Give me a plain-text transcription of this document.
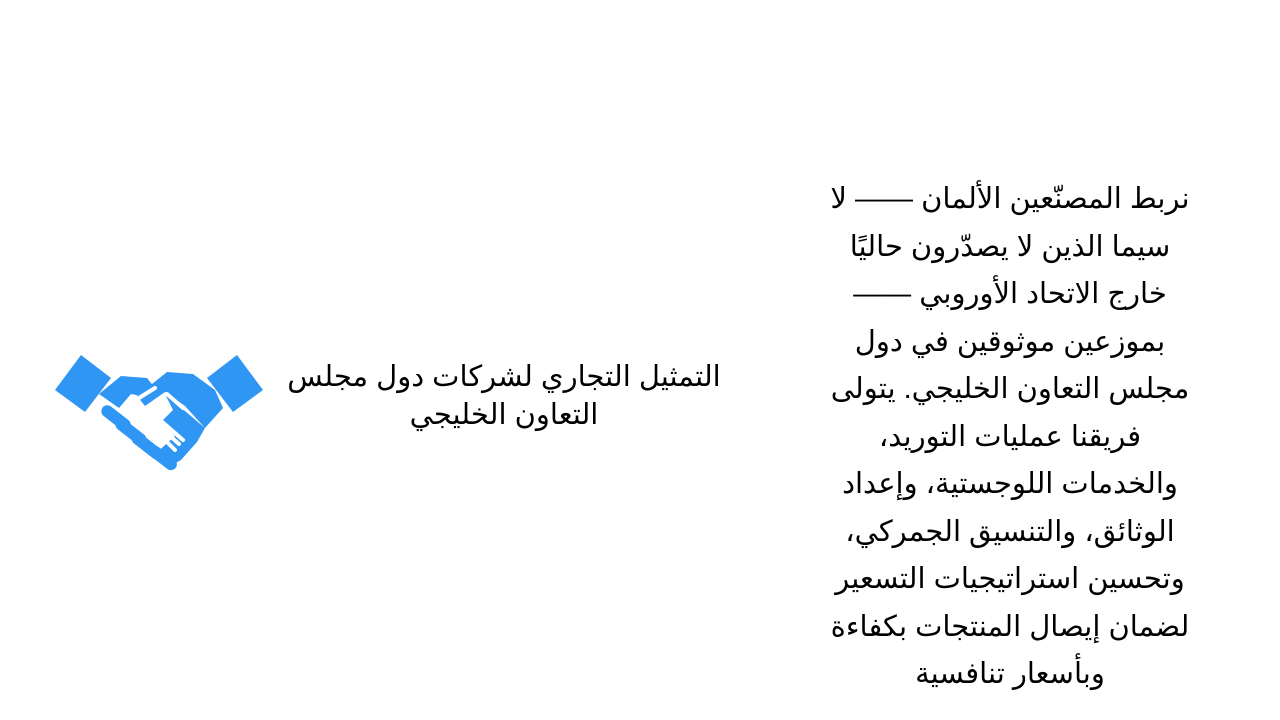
التمثيل التجاري لشركات دول مجلس التعاون الخليجي

نربط المصنّعين الألمان —— لا
سيما الذين لا يصدّرون حاليًا
خارج الاتحاد الأوروبي ——
بموزعين موثوقين في دول
مجلس التعاون الخليجي. يتولى
فريقنا عمليات التوريد،
والخدمات اللوجستية، وإعداد
الوثائق، والتنسيق الجمركي،
وتحسين استراتيجيات التسعير
لضمان إيصال المنتجات بكفاءة
وبأسعار تنافسية
